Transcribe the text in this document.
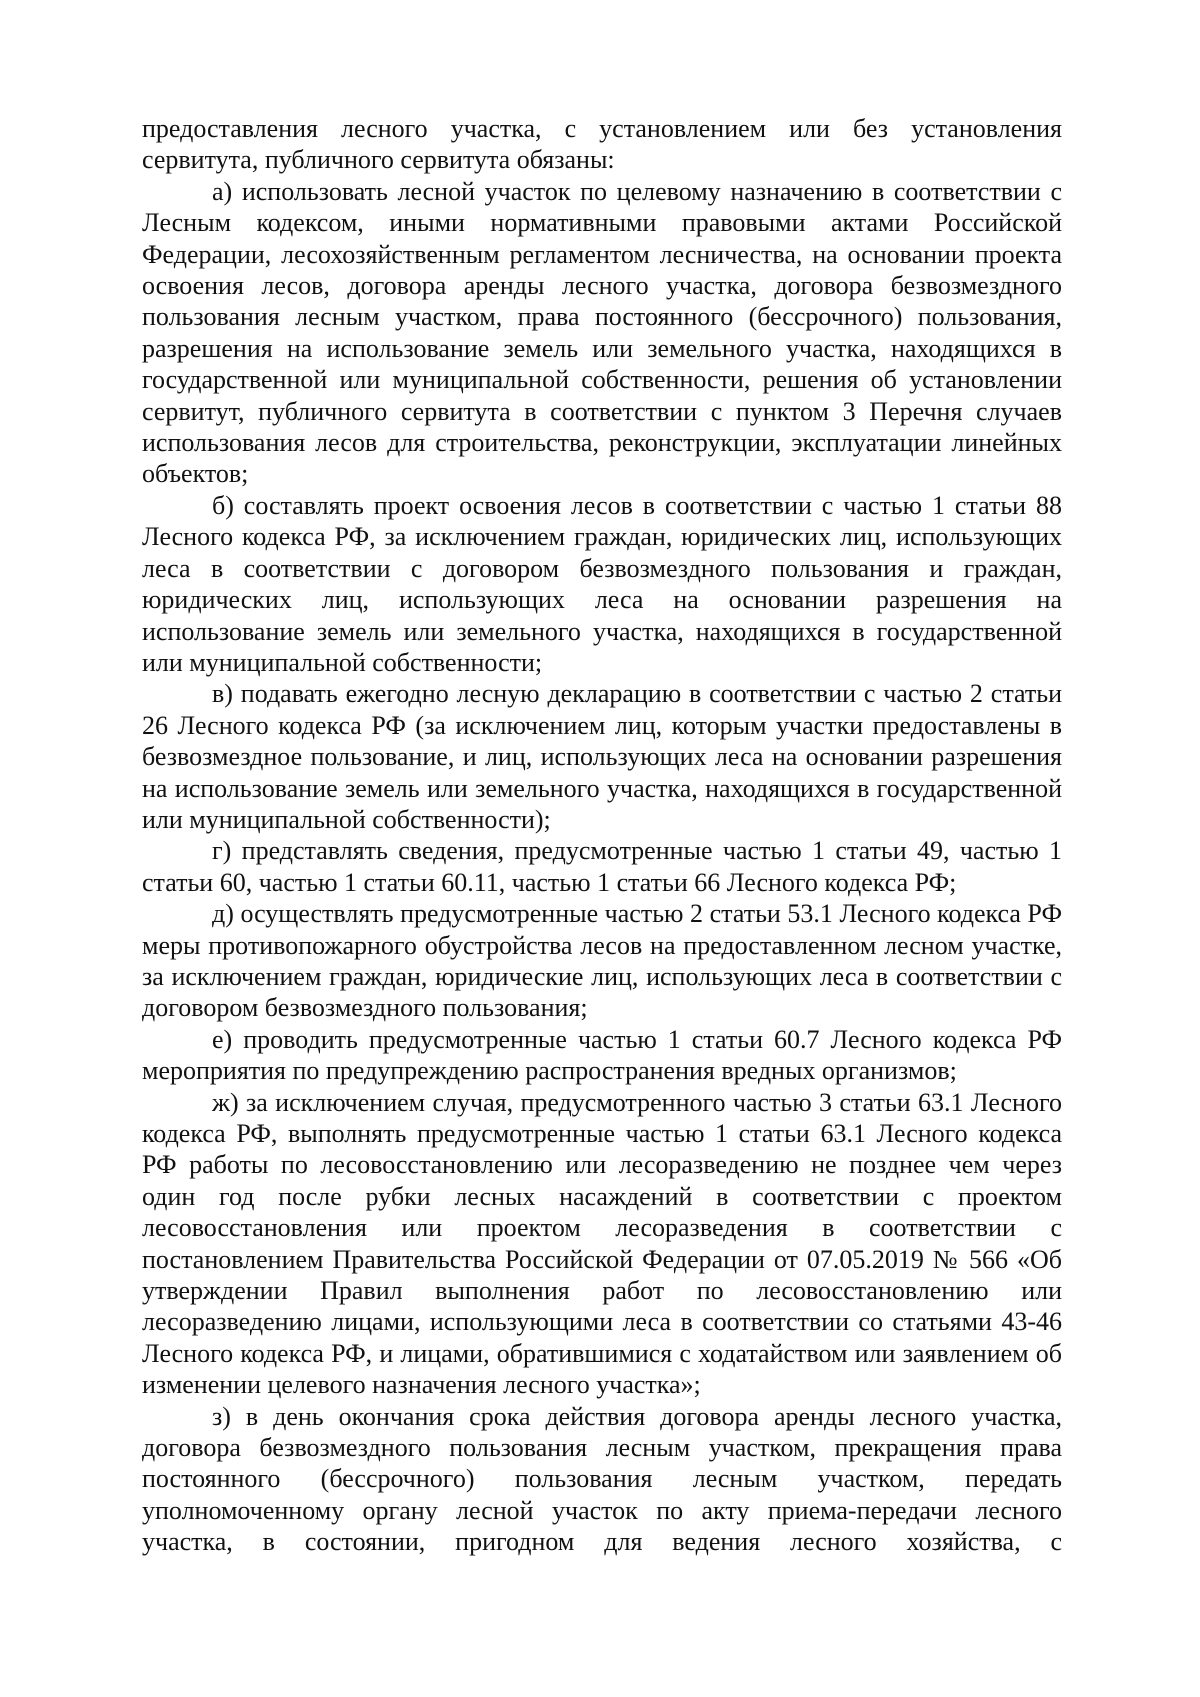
предоставления лесного участка, с установлением или без установления сервитута, публичного сервитута обязаны:

а) использовать лесной участок по целевому назначению в соответствии с Лесным кодексом, иными нормативными правовыми актами Российской Федерации, лесохозяйственным регламентом лесничества, на основании проекта освоения лесов, договора аренды лесного участка, договора безвозмездного пользования лесным участком, права постоянного (бессрочного) пользования, разрешения на использование земель или земельного участка, находящихся в государственной или муниципальной собственности, решения об установлении сервитут, публичного сервитута в соответствии с пунктом 3 Перечня случаев использования лесов для строительства, реконструкции, эксплуатации линейных объектов;

б) составлять проект освоения лесов в соответствии с частью 1 статьи 88 Лесного кодекса РФ, за исключением граждан, юридических лиц, использующих леса в соответствии с договором безвозмездного пользования и граждан, юридических лиц, использующих леса на основании разрешения на использование земель или земельного участка, находящихся в государственной или муниципальной собственности;

в) подавать ежегодно лесную декларацию в соответствии с частью 2 статьи 26 Лесного кодекса РФ (за исключением лиц, которым участки предоставлены в безвозмездное пользование, и лиц, использующих леса на основании разрешения на использование земель или земельного участка, находящихся в государственной или муниципальной собственности);

г) представлять сведения, предусмотренные частью 1 статьи 49, частью 1 статьи 60, частью 1 статьи 60.11, частью 1 статьи 66 Лесного кодекса РФ;

д) осуществлять предусмотренные частью 2 статьи 53.1 Лесного кодекса РФ меры противопожарного обустройства лесов на предоставленном лесном участке, за исключением граждан, юридические лиц, использующих леса в соответствии с договором безвозмездного пользования;

е) проводить предусмотренные частью 1 статьи 60.7 Лесного кодекса РФ мероприятия по предупреждению распространения вредных организмов;

ж) за исключением случая, предусмотренного частью 3 статьи 63.1 Лесного кодекса РФ, выполнять предусмотренные частью 1 статьи 63.1 Лесного кодекса РФ работы по лесовосстановлению или лесоразведению не позднее чем через один год после рубки лесных насаждений в соответствии с проектом лесовосстановления или проектом лесоразведения в соответствии с постановлением Правительства Российской Федерации от 07.05.2019 № 566 «Об утверждении Правил выполнения работ по лесовосстановлению или лесоразведению лицами, использующими леса в соответствии со статьями 43-46 Лесного кодекса РФ, и лицами, обратившимися с ходатайством или заявлением об изменении целевого назначения лесного участка»;

з) в день окончания срока действия договора аренды лесного участка, договора безвозмездного пользования лесным участком, прекращения права постоянного (бессрочного) пользования лесным участком, передать уполномоченному органу лесной участок по акту приема-передачи лесного участка, в состоянии, пригодном для ведения лесного хозяйства, с
